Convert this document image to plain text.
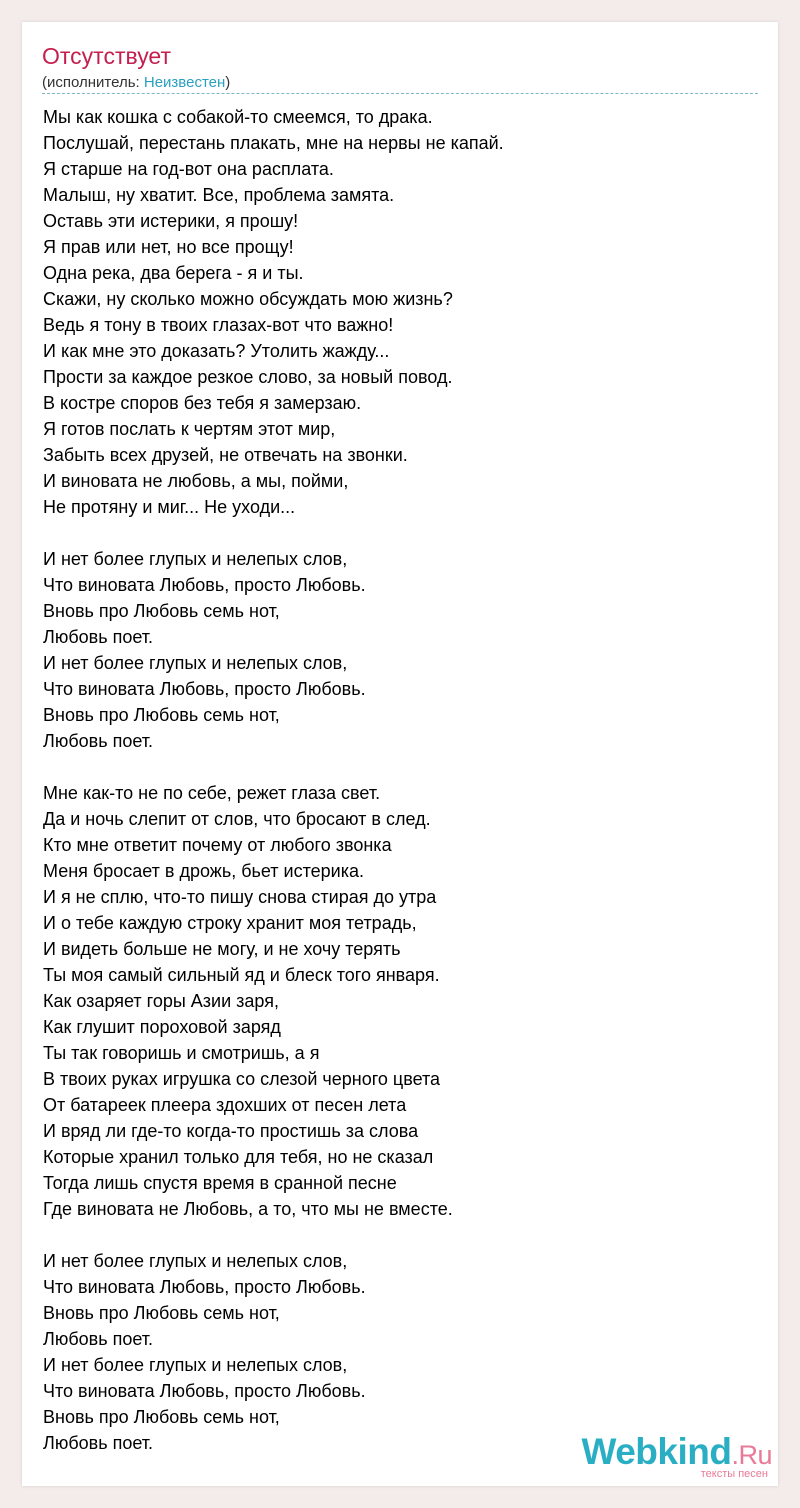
Отсутствует
(исполнитель: Неизвестен)
Мы как кошка с собакой-то смеемся, то драка.
Послушай, перестань плакать, мне на нервы не капай.
Я старше на год-вот она расплата.
Малыш, ну хватит. Все, проблема замята.
Оставь эти истерики, я прошу!
Я прав или нет, но все прощу!
Одна река, два берега - я и ты.
Скажи, ну сколько можно обсуждать мою жизнь?
Ведь я тону в твоих глазах-вот что важно!
И как мне это доказать? Утолить жажду...
Прости за каждое резкое слово, за новый повод.
В костре споров без тебя я замерзаю.
Я готов послать к чертям этот мир,
Забыть всех друзей, не отвечать на звонки.
И виновата не любовь, а мы, пойми,
Не протяну и миг... Не уходи...
И нет более глупых и нелепых слов,
Что виновата Любовь, просто Любовь.
Вновь про Любовь семь нот,
Любовь поет.
И нет более глупых и нелепых слов,
Что виновата Любовь, просто Любовь.
Вновь про Любовь семь нот,
Любовь поет.
Мне как-то не по себе, режет глаза свет.
Да и ночь слепит от слов, что бросают в след.
Кто мне ответит почему от любого звонка
Меня бросает в дрожь, бьет истерика.
И я не сплю, что-то пишу снова стирая до утра
И о тебе каждую строку хранит моя тетрадь,
И видеть больше не могу, и не хочу терять
Ты моя самый сильный яд и блеск того января.
Как озаряет горы Азии заря,
Как глушит пороховой заряд
Ты так говоришь и смотришь, а я
В твоих руках игрушка со слезой черного цвета
От батареек плеера здохших от песен лета
И вряд ли где-то когда-то простишь за слова
Которые хранил только для тебя, но не сказал
Тогда лишь спустя время в сранной песне
Где виновата не Любовь, а то, что мы не вместе.
И нет более глупых и нелепых слов,
Что виновата Любовь, просто Любовь.
Вновь про Любовь семь нот,
Любовь поет.
И нет более глупых и нелепых слов,
Что виновата Любовь, просто Любовь.
Вновь про Любовь семь нот,
Любовь поет.	Webkind.Ru
тексты песен
